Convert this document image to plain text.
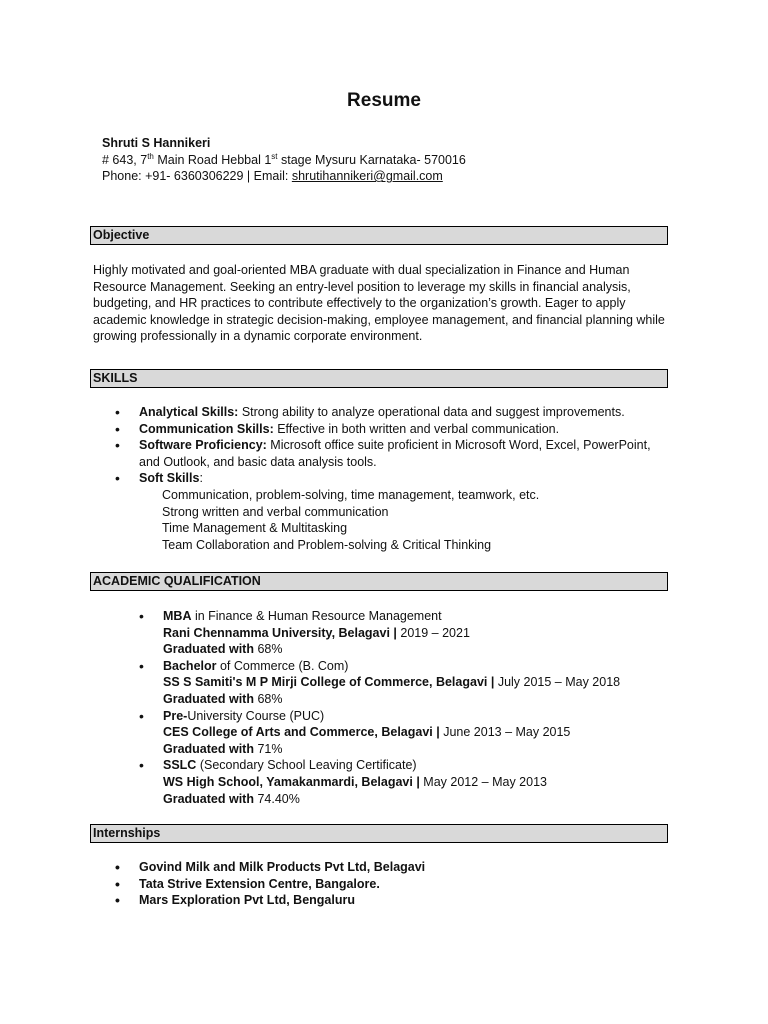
Resume
Shruti S Hannikeri
# 643, 7th Main Road Hebbal 1st stage Mysuru Karnataka- 570016
Phone: +91- 6360306229 | Email: shrutihannikeri@gmail.com
Objective
Highly motivated and goal-oriented MBA graduate with dual specialization in Finance and Human Resource Management. Seeking an entry-level position to leverage my skills in financial analysis, budgeting, and HR practices to contribute effectively to the organization’s growth. Eager to apply academic knowledge in strategic decision-making, employee management, and financial planning while growing professionally in a dynamic corporate environment.
SKILLS
• Analytical Skills: Strong ability to analyze operational data and suggest improvements.
• Communication Skills: Effective in both written and verbal communication.
• Software Proficiency: Microsoft office suite proficient in Microsoft Word, Excel, PowerPoint, and Outlook, and basic data analysis tools.
• Soft Skills:
Communication, problem-solving, time management, teamwork, etc.
Strong written and verbal communication
Time Management & Multitasking
Team Collaboration and Problem-solving & Critical Thinking
ACADEMIC QUALIFICATION
• MBA in Finance & Human Resource Management
Rani Chennamma University, Belagavi | 2019 – 2021
Graduated with 68%
• Bachelor of Commerce (B. Com)
SS S Samiti's M P Mirji College of Commerce, Belagavi | July 2015 – May 2018
Graduated with 68%
• Pre-University Course (PUC)
CES College of Arts and Commerce, Belagavi | June 2013 – May 2015
Graduated with 71%
• SSLC (Secondary School Leaving Certificate)
WS High School, Yamakanmardi, Belagavi | May 2012 – May 2013
Graduated with 74.40%
Internships
• Govind Milk and Milk Products Pvt Ltd, Belagavi
• Tata Strive Extension Centre, Bangalore.
• Mars Exploration Pvt Ltd, Bengaluru
